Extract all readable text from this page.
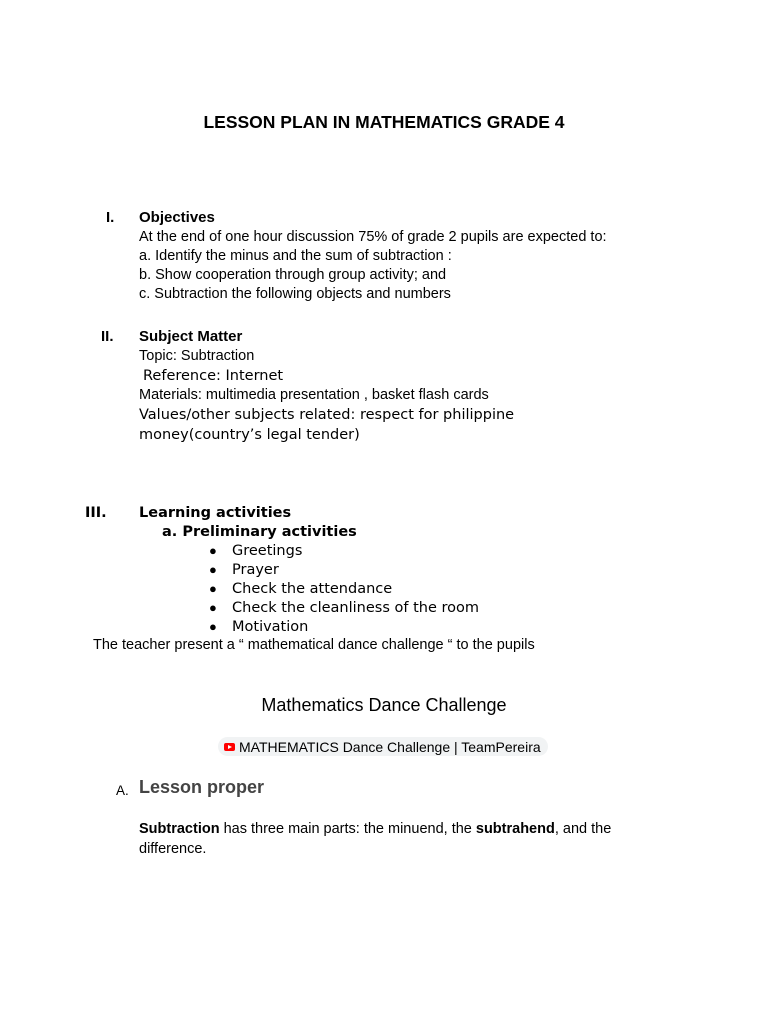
LESSON PLAN IN MATHEMATICS GRADE 4
I. Objectives
At the end of one hour discussion 75% of grade 2 pupils are expected to:
a. Identify the minus and the sum of subtraction :
b. Show cooperation through group activity; and
c. Subtraction the following objects and numbers
II. Subject Matter
Topic: Subtraction
Reference: Internet
Materials: multimedia presentation , basket flash cards
Values/other subjects related: respect for philippine
money(country’s legal tender)
III. Learning activities
a. Preliminary activities
● Greetings
● Prayer
● Check the attendance
● Check the cleanliness of the room
● Motivation
The teacher present a “ mathematical dance challenge “ to the pupils
Mathematics Dance Challenge
MATHEMATICS Dance Challenge | TeamPereira
A. Lesson proper
Subtraction has three main parts: the minuend, the subtrahend, and the
difference.
